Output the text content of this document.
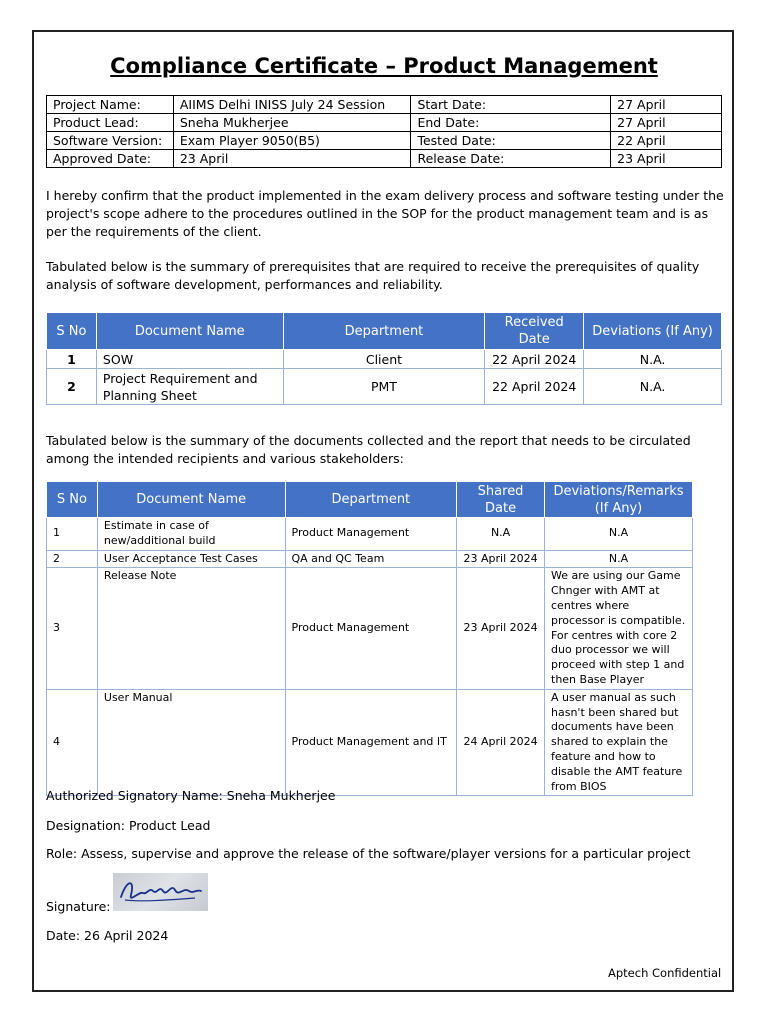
Compliance Certificate – Product Management
Project Name:	AIIMS Delhi INISS July 24 Session	Start Date:	27 April
Product Lead:	Sneha Mukherjee	End Date:	27 April
Software Version:	Exam Player 9050(B5)	Tested Date:	22 April
Approved Date:	23 April	Release Date:	23 April

I hereby confirm that the product implemented in the exam delivery process and software testing under the project's scope adhere to the procedures outlined in the SOP for the product management team and is as per the requirements of the client.

Tabulated below is the summary of prerequisites that are required to receive the prerequisites of quality analysis of software development, performances and reliability.

S No	Document Name	Department	Received Date	Deviations (If Any)
1	SOW	Client	22 April 2024	N.A.
2	Project Requirement and Planning Sheet	PMT	22 April 2024	N.A.

Tabulated below is the summary of the documents collected and the report that needs to be circulated among the intended recipients and various stakeholders:

S No	Document Name	Department	Shared Date	Deviations/Remarks (If Any)
1	Estimate in case of new/additional build	Product Management	N.A	N.A
2	User Acceptance Test Cases	QA and QC Team	23 April 2024	N.A
3	Release Note	Product Management	23 April 2024	We are using our Game Chnger with AMT at centres where processor is compatible. For centres with core 2 duo processor we will proceed with step 1 and then Base Player
4	User Manual	Product Management and IT	24 April 2024	A user manual as such hasn't been shared but documents have been shared to explain the feature and how to disable the AMT feature from BIOS
Authorized Signatory Name: Sneha Mukherjee
Designation: Product Lead
Role: Assess, supervise and approve the release of the software/player versions for a particular project
Signature:
Date: 26 April 2024
Aptech Confidential
